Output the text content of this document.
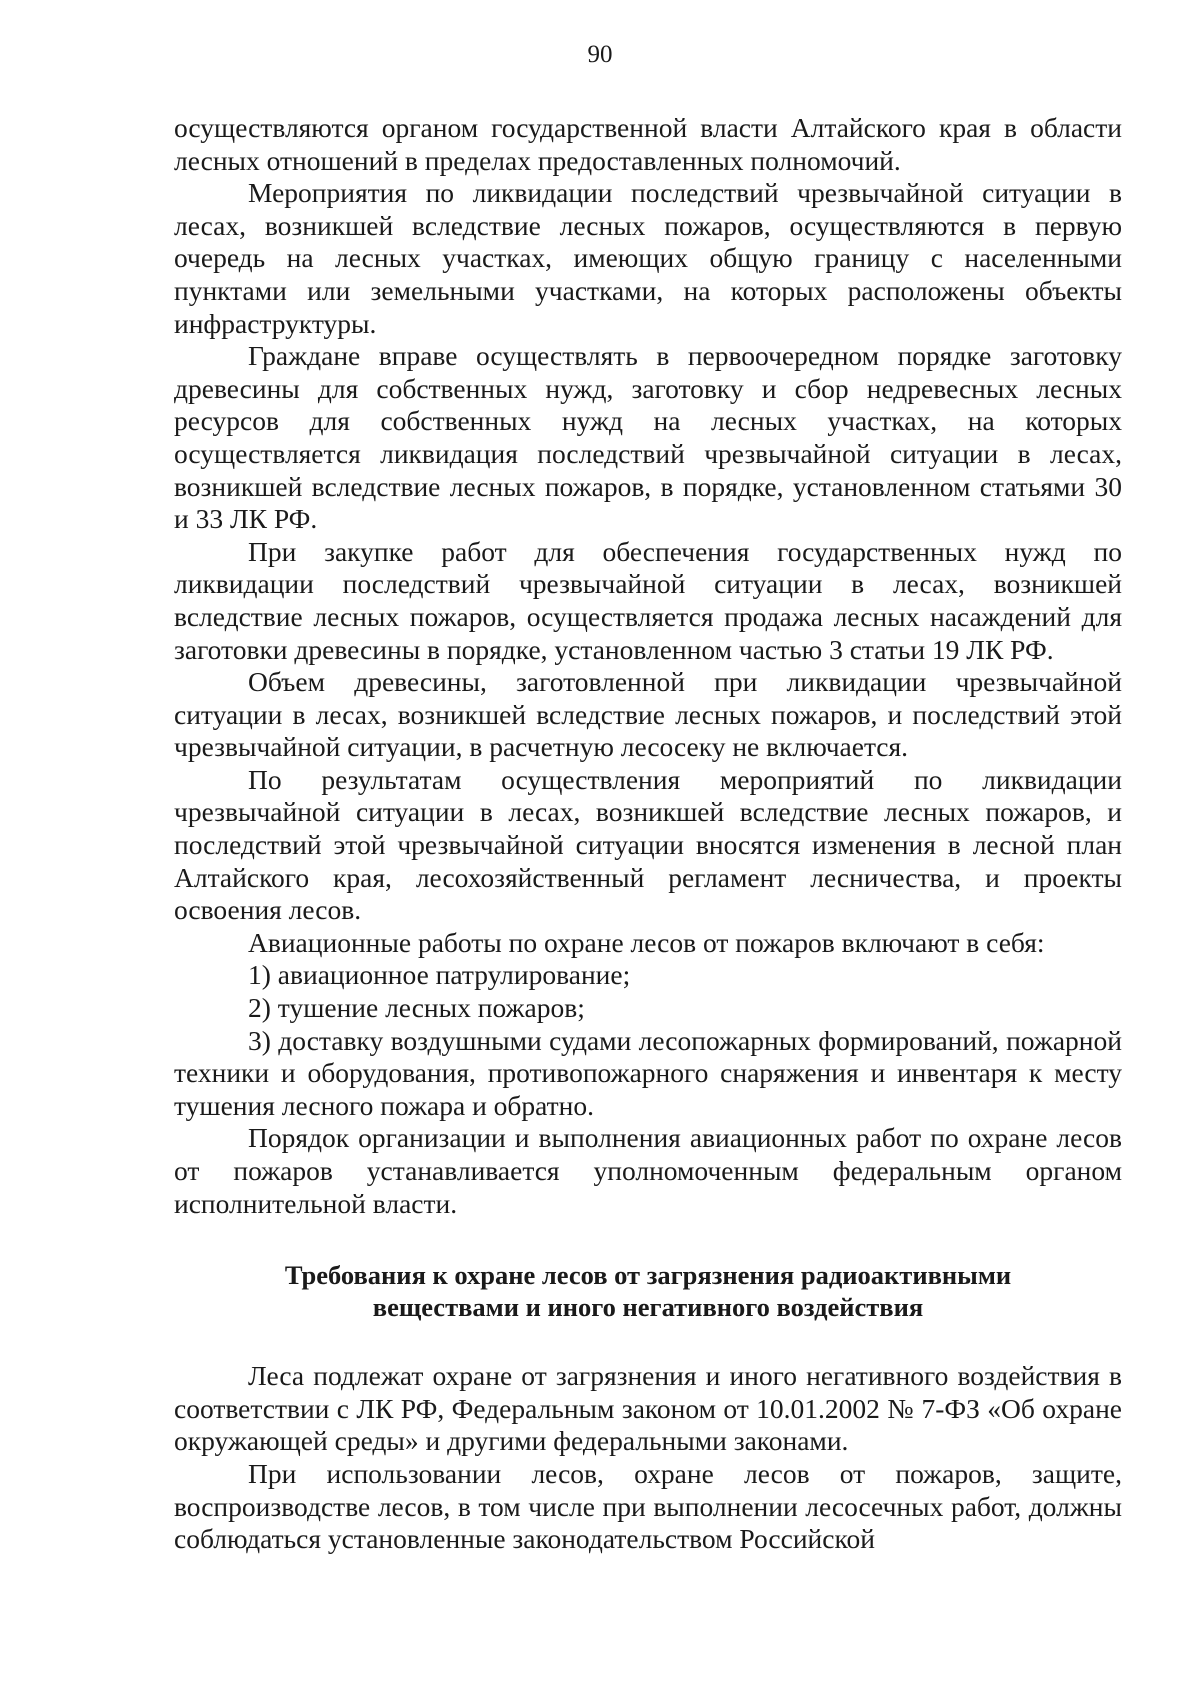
90

осуществляются органом государственной власти Алтайского края в области лесных отношений в пределах предоставленных полномочий.

Мероприятия по ликвидации последствий чрезвычайной ситуации в лесах, возникшей вследствие лесных пожаров, осуществляются в первую очередь на лесных участках, имеющих общую границу с населенными пунктами или земельными участками, на которых расположены объекты инфраструктуры.

Граждане вправе осуществлять в первоочередном порядке заготовку древесины для собственных нужд, заготовку и сбор недревесных лесных ресурсов для собственных нужд на лесных участках, на которых осуществляется ликвидация последствий чрезвычайной ситуации в лесах, возникшей вследствие лесных пожаров, в порядке, установленном статьями 30 и 33 ЛК РФ.

При закупке работ для обеспечения государственных нужд по ликвидации последствий чрезвычайной ситуации в лесах, возникшей вследствие лесных пожаров, осуществляется продажа лесных насаждений для заготовки древесины в порядке, установленном частью 3 статьи 19 ЛК РФ.

Объем древесины, заготовленной при ликвидации чрезвычайной ситуации в лесах, возникшей вследствие лесных пожаров, и последствий этой чрезвычайной ситуации, в расчетную лесосеку не включается.

По результатам осуществления мероприятий по ликвидации чрезвычайной ситуации в лесах, возникшей вследствие лесных пожаров, и последствий этой чрезвычайной ситуации вносятся изменения в лесной план Алтайского края, лесохозяйственный регламент лесничества, и проекты освоения лесов.

Авиационные работы по охране лесов от пожаров включают в себя:

1) авиационное патрулирование;

2) тушение лесных пожаров;

3) доставку воздушными судами лесопожарных формирований, пожарной техники и оборудования, противопожарного снаряжения и инвентаря к месту тушения лесного пожара и обратно.

Порядок организации и выполнения авиационных работ по охране лесов от пожаров устанавливается уполномоченным федеральным органом исполнительной власти.

Требования к охране лесов от загрязнения радиоактивными
веществами и иного негативного воздействия

Леса подлежат охране от загрязнения и иного негативного воздействия в соответствии с ЛК РФ, Федеральным законом от 10.01.2002 № 7-ФЗ «Об охране окружающей среды» и другими федеральными законами.

При использовании лесов, охране лесов от пожаров, защите, воспроизводстве лесов, в том числе при выполнении лесосечных работ, должны соблюдаться установленные законодательством Российской
